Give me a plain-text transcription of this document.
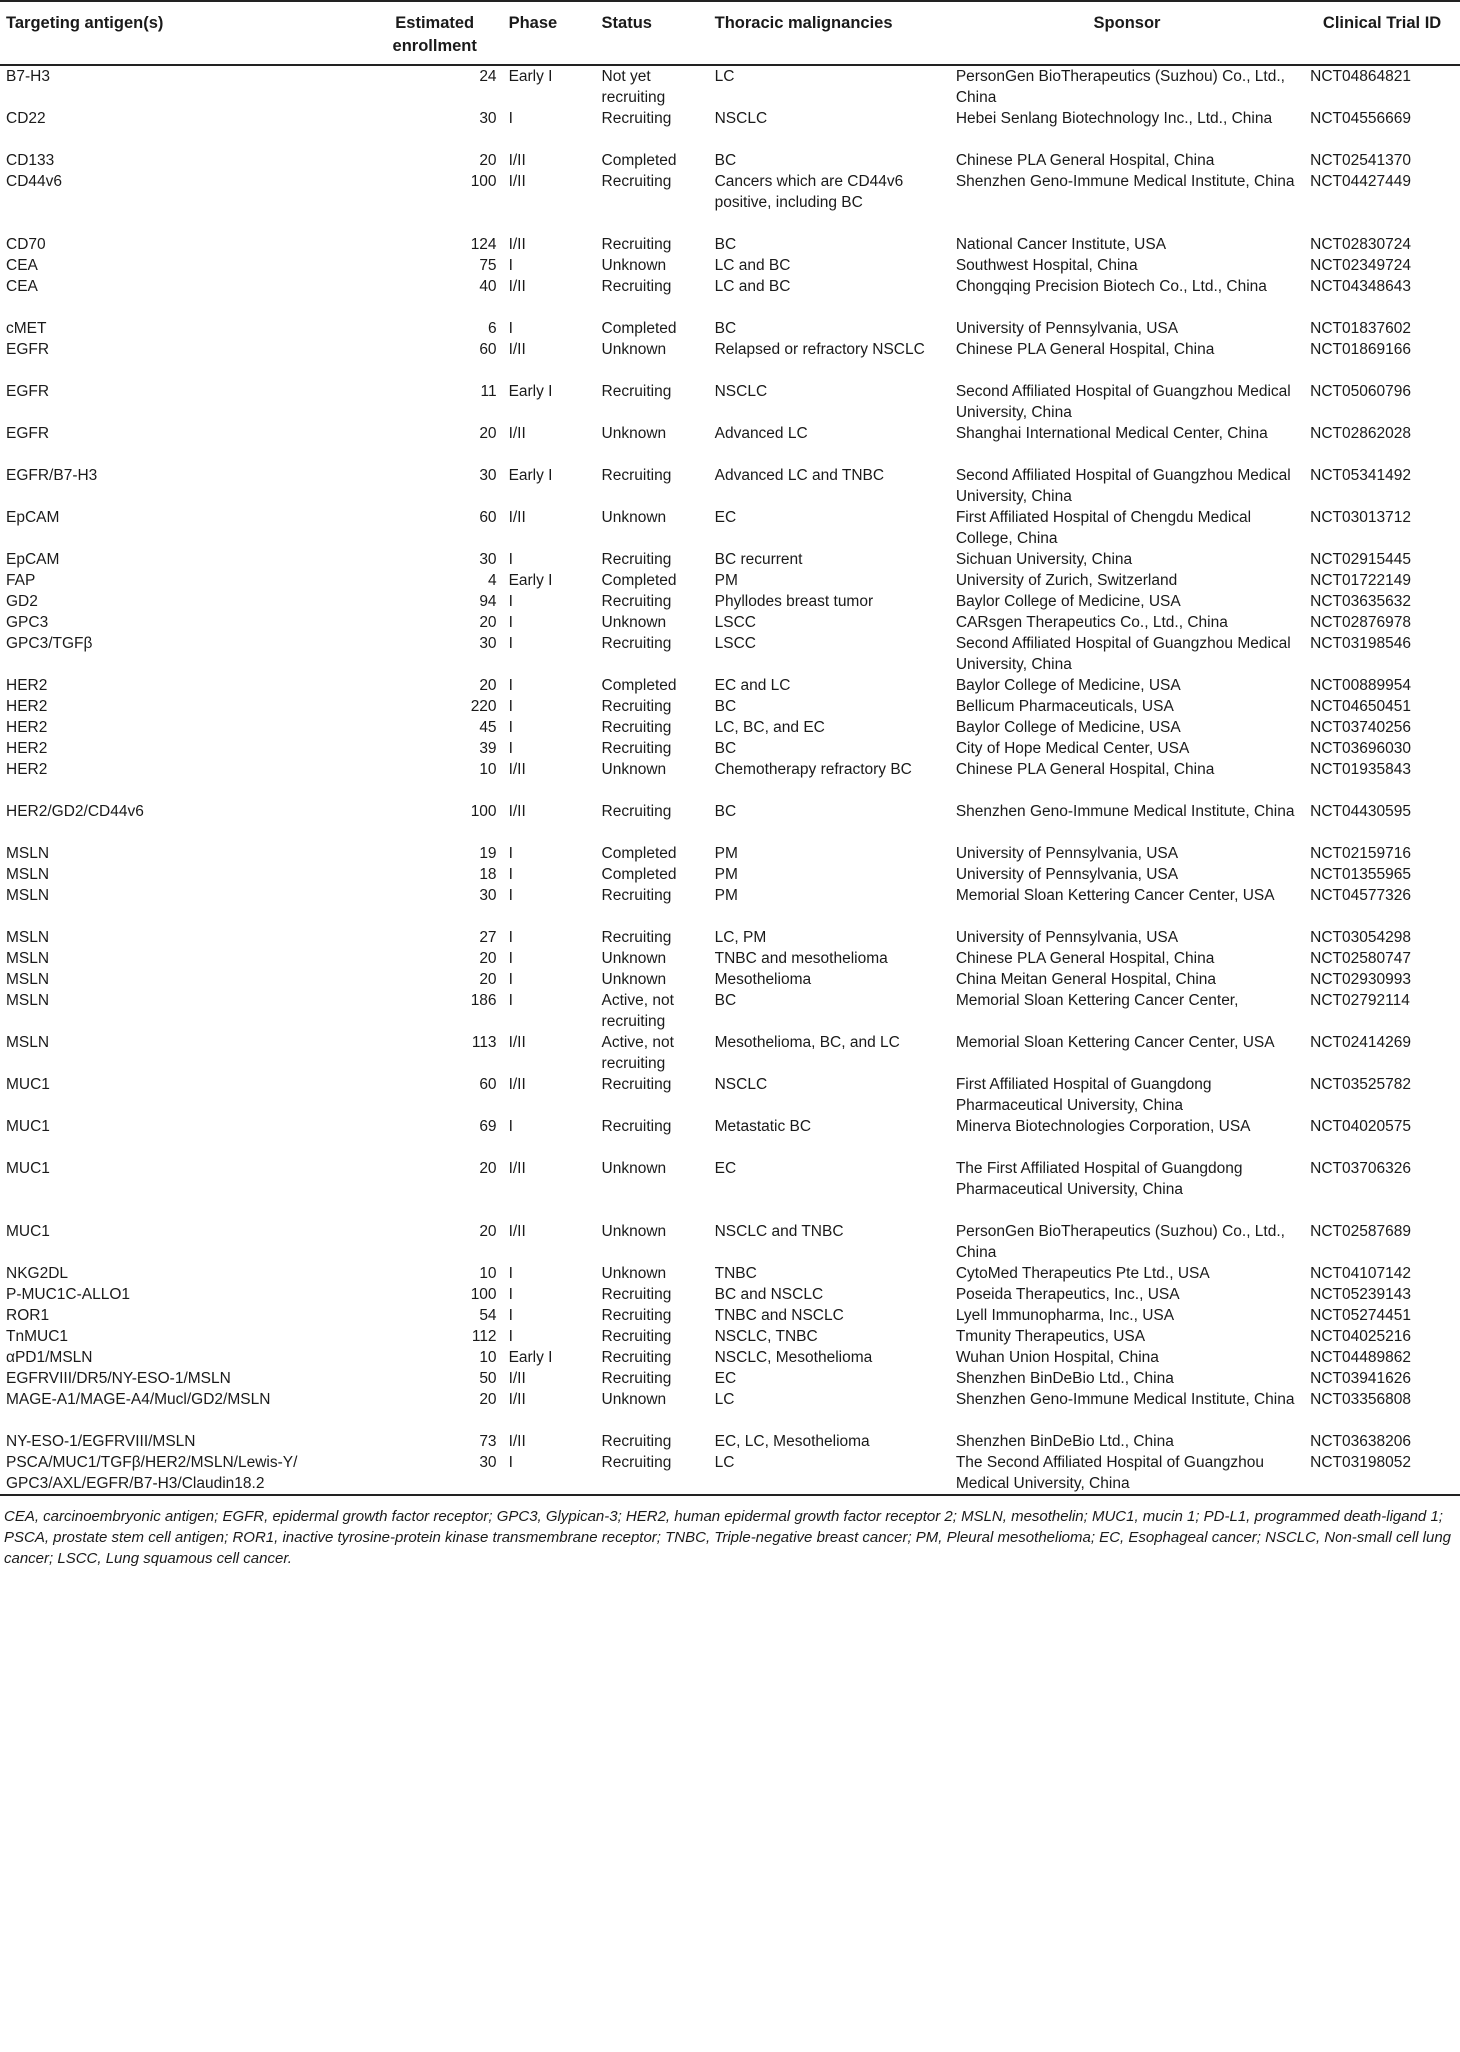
Targeting antigen(s)	Estimated enrollment	Phase	Status	Thoracic malignancies	Sponsor	Clinical Trial ID
B7-H3	24	Early I	Not yet recruiting	LC	PersonGen BioTherapeutics (Suzhou) Co., Ltd., China	NCT04864821
CD22	30	I	Recruiting	NSCLC	Hebei Senlang Biotechnology Inc., Ltd., China	NCT04556669
CD133	20	I/II	Completed	BC	Chinese PLA General Hospital, China	NCT02541370
CD44v6	100	I/II	Recruiting	Cancers which are CD44v6 positive, including BC	Shenzhen Geno-Immune Medical Institute, China	NCT04427449
CD70	124	I/II	Recruiting	BC	National Cancer Institute, USA	NCT02830724
CEA	75	I	Unknown	LC and BC	Southwest Hospital, China	NCT02349724
CEA	40	I/II	Recruiting	LC and BC	Chongqing Precision Biotech Co., Ltd., China	NCT04348643
cMET	6	I	Completed	BC	University of Pennsylvania, USA	NCT01837602
EGFR	60	I/II	Unknown	Relapsed or refractory NSCLC	Chinese PLA General Hospital, China	NCT01869166
EGFR	11	Early I	Recruiting	NSCLC	Second Affiliated Hospital of Guangzhou Medical University, China	NCT05060796
EGFR	20	I/II	Unknown	Advanced LC	Shanghai International Medical Center, China	NCT02862028
EGFR/B7-H3	30	Early I	Recruiting	Advanced LC and TNBC	Second Affiliated Hospital of Guangzhou Medical University, China	NCT05341492
EpCAM	60	I/II	Unknown	EC	First Affiliated Hospital of Chengdu Medical College, China	NCT03013712
EpCAM	30	I	Recruiting	BC recurrent	Sichuan University, China	NCT02915445
FAP	4	Early I	Completed	PM	University of Zurich, Switzerland	NCT01722149
GD2	94	I	Recruiting	Phyllodes breast tumor	Baylor College of Medicine, USA	NCT03635632
GPC3	20	I	Unknown	LSCC	CARsgen Therapeutics Co., Ltd., China	NCT02876978
GPC3/TGFβ	30	I	Recruiting	LSCC	Second Affiliated Hospital of Guangzhou Medical University, China	NCT03198546
HER2	20	I	Completed	EC and LC	Baylor College of Medicine, USA	NCT00889954
HER2	220	I	Recruiting	BC	Bellicum Pharmaceuticals, USA	NCT04650451
HER2	45	I	Recruiting	LC, BC, and EC	Baylor College of Medicine, USA	NCT03740256
HER2	39	I	Recruiting	BC	City of Hope Medical Center, USA	NCT03696030
HER2	10	I/II	Unknown	Chemotherapy refractory BC	Chinese PLA General Hospital, China	NCT01935843
HER2/GD2/CD44v6	100	I/II	Recruiting	BC	Shenzhen Geno-Immune Medical Institute, China	NCT04430595
MSLN	19	I	Completed	PM	University of Pennsylvania, USA	NCT02159716
MSLN	18	I	Completed	PM	University of Pennsylvania, USA	NCT01355965
MSLN	30	I	Recruiting	PM	Memorial Sloan Kettering Cancer Center, USA	NCT04577326
MSLN	27	I	Recruiting	LC, PM	University of Pennsylvania, USA	NCT03054298
MSLN	20	I	Unknown	TNBC and mesothelioma	Chinese PLA General Hospital, China	NCT02580747
MSLN	20	I	Unknown	Mesothelioma	China Meitan General Hospital, China	NCT02930993
MSLN	186	I	Active, not recruiting	BC	Memorial Sloan Kettering Cancer Center,	NCT02792114
MSLN	113	I/II	Active, not recruiting	Mesothelioma, BC, and LC	Memorial Sloan Kettering Cancer Center, USA	NCT02414269
MUC1	60	I/II	Recruiting	NSCLC	First Affiliated Hospital of Guangdong Pharmaceutical University, China	NCT03525782
MUC1	69	I	Recruiting	Metastatic BC	Minerva Biotechnologies Corporation, USA	NCT04020575
MUC1	20	I/II	Unknown	EC	The First Affiliated Hospital of Guangdong Pharmaceutical University, China	NCT03706326
MUC1	20	I/II	Unknown	NSCLC and TNBC	PersonGen BioTherapeutics (Suzhou) Co., Ltd., China	NCT02587689
NKG2DL	10	I	Unknown	TNBC	CytoMed Therapeutics Pte Ltd., USA	NCT04107142
P-MUC1C-ALLO1	100	I	Recruiting	BC and NSCLC	Poseida Therapeutics, Inc., USA	NCT05239143
ROR1	54	I	Recruiting	TNBC and NSCLC	Lyell Immunopharma, Inc., USA	NCT05274451
TnMUC1	112	I	Recruiting	NSCLC, TNBC	Tmunity Therapeutics, USA	NCT04025216
αPD1/MSLN	10	Early I	Recruiting	NSCLC, Mesothelioma	Wuhan Union Hospital, China	NCT04489862
EGFRVIII/DR5/NY-ESO-1/MSLN	50	I/II	Recruiting	EC	Shenzhen BinDeBio Ltd., China	NCT03941626
MAGE-A1/MAGE-A4/Mucl/GD2/MSLN	20	I/II	Unknown	LC	Shenzhen Geno-Immune Medical Institute, China	NCT03356808
NY-ESO-1/EGFRVIII/MSLN	73	I/II	Recruiting	EC, LC, Mesothelioma	Shenzhen BinDeBio Ltd., China	NCT03638206
PSCA/MUC1/TGFβ/HER2/MSLN/Lewis-Y/ GPC3/AXL/EGFR/B7-H3/Claudin18.2	30	I	Recruiting	LC	The Second Affiliated Hospital of Guangzhou Medical University, China	NCT03198052
CEA, carcinoembryonic antigen; EGFR, epidermal growth factor receptor; GPC3, Glypican-3; HER2, human epidermal growth factor receptor 2; MSLN, mesothelin; MUC1, mucin 1; PD-L1, programmed death-ligand 1; PSCA, prostate stem cell antigen; ROR1, inactive tyrosine-protein kinase transmembrane receptor; TNBC, Triple-negative breast cancer; PM, Pleural mesothelioma; EC, Esophageal cancer; NSCLC, Non-small cell lung cancer; LSCC, Lung squamous cell cancer.
